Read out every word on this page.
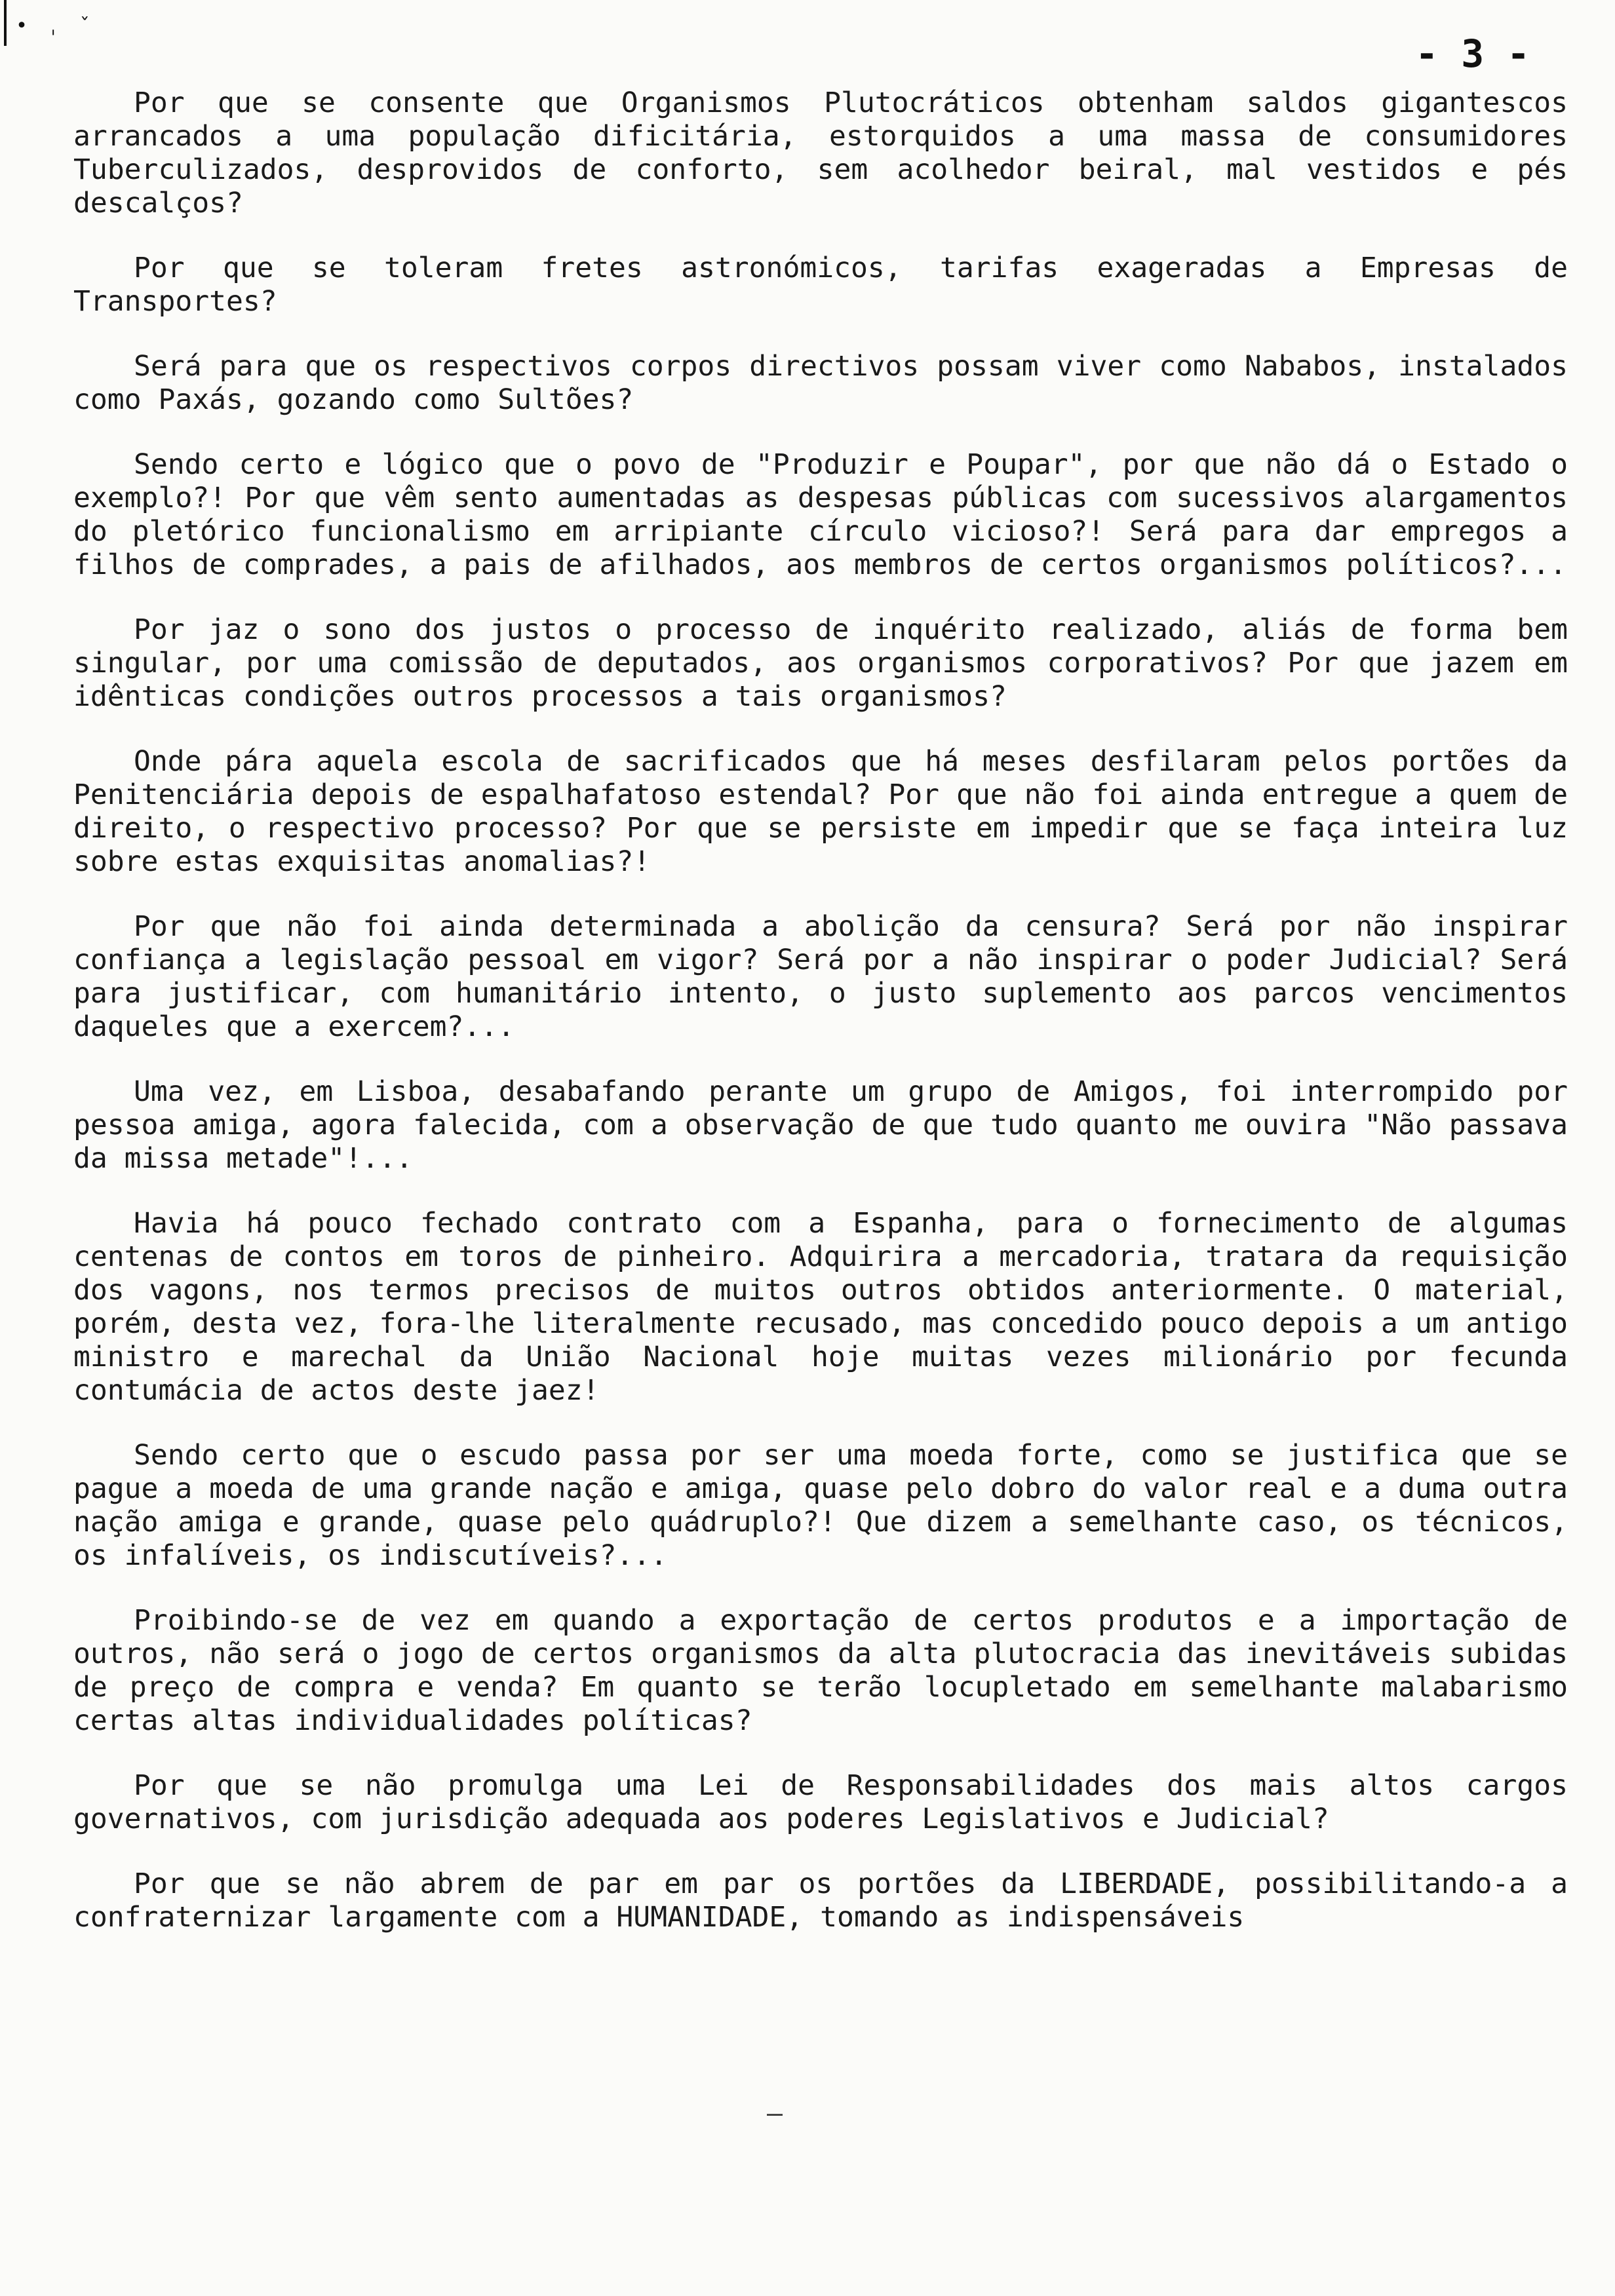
• ˌ ˇ
- 3 -

Por que se consente que Organismos Plutocráticos obtenham saldos gigantescos arrancados a uma população dificitária, estorquidos a uma massa de consumidores Tuberculizados, desprovidos de conforto, sem acolhedor beiral, mal vestidos e pés descalços?

Por que se toleram fretes astronómicos, tarifas exageradas a Empresas de Transportes?

Será para que os respectivos corpos directivos possam viver como Nababos, instalados como Paxás, gozando como Sultões?

Sendo certo e lógico que o povo de "Produzir e Poupar", por que não dá o Estado o exemplo?! Por que vêm sento aumentadas as despesas públicas com sucessivos alargamentos do pletórico funcionalismo em arripiante círculo vicioso?! Será para dar empregos a filhos de comprades, a pais de afilhados, aos membros de certos organismos políticos?...

Por jaz o sono dos justos o processo de inquérito realizado, aliás de forma bem singular, por uma comissão de deputados, aos organismos corporativos? Por que jazem em idênticas condições outros processos a tais organismos?

Onde pára aquela escola de sacrificados que há meses desfilaram pelos portões da Penitenciária depois de espalhafatoso estendal? Por que não foi ainda entregue a quem de direito, o respectivo processo? Por que se persiste em impedir que se faça inteira luz sobre estas exquisitas anomalias?!

Por que não foi ainda determinada a abolição da censura? Será por não inspirar confiança a legislação pessoal em vigor? Será por a não inspirar o poder Judicial? Será para justificar, com humanitário intento, o justo suplemento aos parcos vencimentos daqueles que a exercem?...

Uma vez, em Lisboa, desabafando perante um grupo de Amigos, foi interrompido por pessoa amiga, agora falecida, com a observação de que tudo quanto me ouvira "Não passava da missa metade"!...

Havia há pouco fechado contrato com a Espanha, para o fornecimento de algumas centenas de contos em toros de pinheiro. Adquirira a mercadoria, tratara da requisição dos vagons, nos termos precisos de muitos outros obtidos anteriormente. O material, porém, desta vez, fora-lhe literalmente recusado, mas concedido pouco depois a um antigo ministro e marechal da União Nacional hoje muitas vezes milionário por fecunda contumácia de actos deste jaez!

Sendo certo que o escudo passa por ser uma moeda forte, como se justifica que se pague a moeda de uma grande nação e amiga, quase pelo dobro do valor real e a duma outra nação amiga e grande, quase pelo quádruplo?! Que dizem a semelhante caso, os técnicos, os infalíveis, os indiscutíveis?...

Proibindo-se de vez em quando a exportação de certos produtos e a importação de outros, não será o jogo de certos organismos da alta plutocracia das inevitáveis subidas de preço de compra e venda? Em quanto se terão locupletado em semelhante malabarismo certas altas individualidades políticas?

Por que se não promulga uma Lei de Responsabilidades dos mais altos cargos governativos, com jurisdição adequada aos poderes Legislativos e Judicial?

Por que se não abrem de par em par os portões da LIBERDADE, possibilitando-a a confraternizar largamente com a HUMANIDADE, tomando as indispensáveis
